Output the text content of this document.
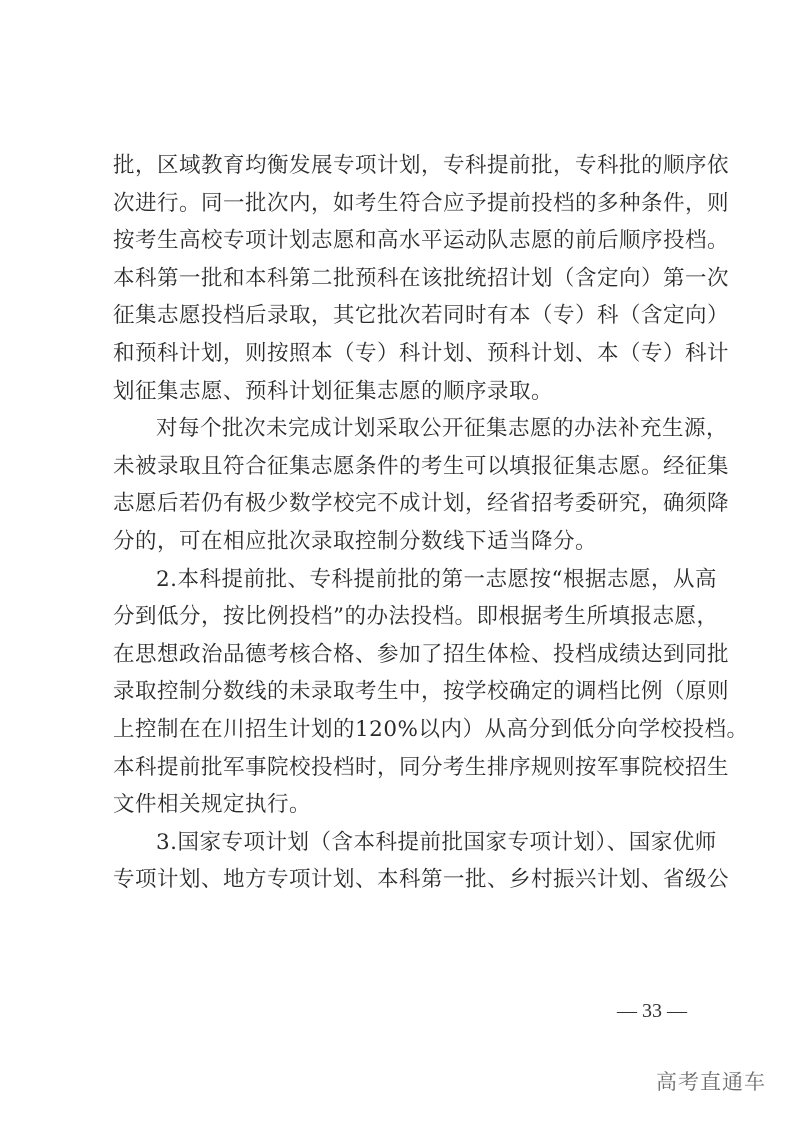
批，区域教育均衡发展专项计划，专科提前批，专科批的顺序依
次进行。同一批次内，如考生符合应予提前投档的多种条件，则
按考生高校专项计划志愿和高水平运动队志愿的前后顺序投档。
本科第一批和本科第二批预科在该批统招计划（含定向）第一次
征集志愿投档后录取，其它批次若同时有本（专）科（含定向）
和预科计划，则按照本（专）科计划、预科计划、本（专）科计
划征集志愿、预科计划征集志愿的顺序录取。
对每个批次未完成计划采取公开征集志愿的办法补充生源，
未被录取且符合征集志愿条件的考生可以填报征集志愿。经征集
志愿后若仍有极少数学校完不成计划，经省招考委研究，确须降
分的，可在相应批次录取控制分数线下适当降分。
2.本科提前批、专科提前批的第一志愿按“根据志愿，从高
分到低分，按比例投档”的办法投档。即根据考生所填报志愿，
在思想政治品德考核合格、参加了招生体检、投档成绩达到同批
录取控制分数线的未录取考生中，按学校确定的调档比例（原则
上控制在在川招生计划的120%以内）从高分到低分向学校投档。
本科提前批军事院校投档时，同分考生排序规则按军事院校招生
文件相关规定执行。
3.国家专项计划（含本科提前批国家专项计划）、国家优师
专项计划、地方专项计划、本科第一批、乡村振兴计划、省级公
— 33 —
高考直通车
